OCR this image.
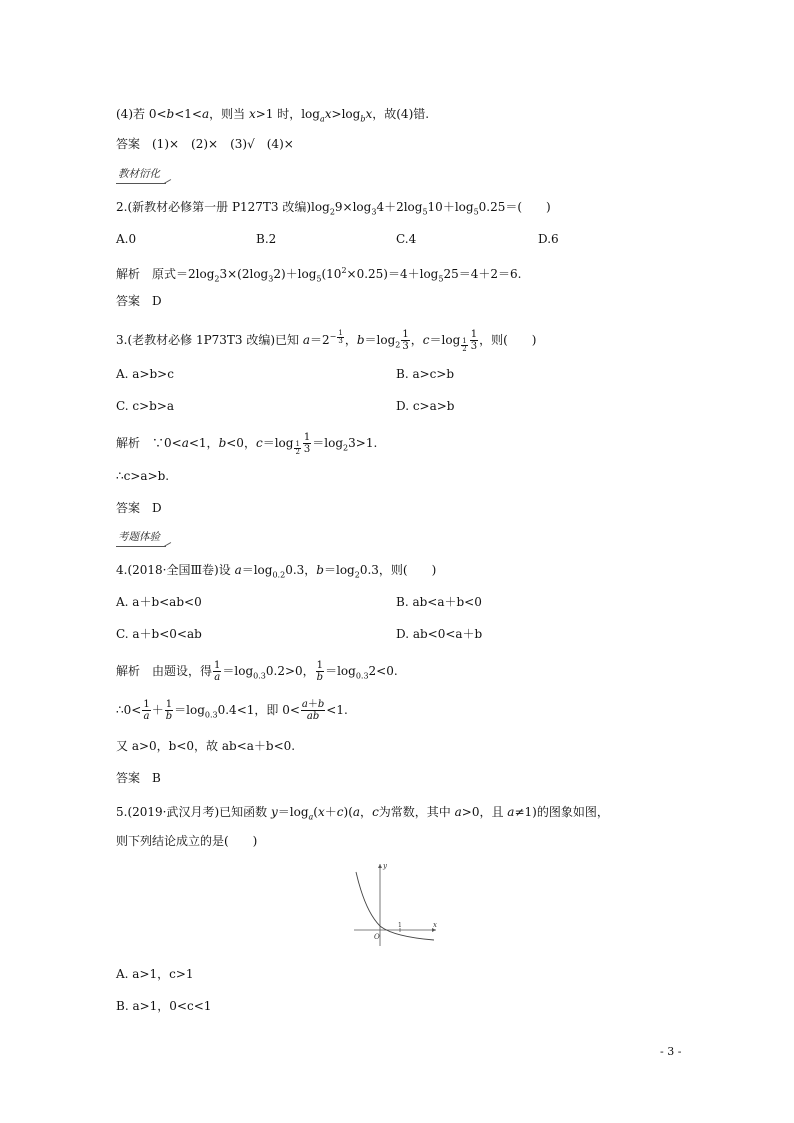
(4)若 0<b<1<a，则当 x>1 时，$\log_ax>\log_bx$，故(4)错.
答案　(1)×　(2)×　(3)√　(4)×
教材衍化
2.(新教材必修第一册 P127T3 改编)$\log_29\times\log_34+2\log_510+\log_50.25=$(　　)
A.0	B.2	C.4	D.6
解析　原式$=2\log_23\times(2\log_32)+\log_5(10^2\times 0.25)=4+\log_525=4+2=6$.
答案　D
3.(老教材必修 1P73T3 改编)已知 $a=2^{- \frac{1}{3}}$ ，$b=\log_2 \frac{1}{3}$ ，c＝log $_{\frac{1}{2}} \frac{1}{3}$ ，则(　　)
A. a>b>c	B. a>c>b
C. c>b>a	D. c>a>b
解析　∵0<a<1，b<0，c＝log $_{\frac{1}{2}} \frac{1}{3} =\log_23>1$.
∴c>a>b.
答案　D
考题体验
4.(2018·全国Ⅲ卷)设 $a=\log_{0.2}0.3$，$b=\log_20.3$，则(　　)
A. a＋b<ab<0	B. ab<a＋b<0
C. a＋b<0<ab	D. ab<0<a＋b
解析　由题设，得 $\frac{1}{a} =\log_{0.3}0.2>0$， $\frac{1}{b} =\log_{0.3}2<0$.
∴0< $\frac{1}{a} + \frac{1}{b} =\log_{0.3}0.4<1$，即 $0< \frac{a+b}{ab} <1$.
又 a>0，b<0，故 ab<a＋b<0.
答案　B
5.(2019·武汉月考)已知函数 $y=\log_a(x+c)(a$，c为常数，其中 a>0，且 a≠1)的图象如图，
则下列结论成立的是(　　)
y
x
O
1
A. a>1，c>1
B. a>1，0<c<1
- 3 -
